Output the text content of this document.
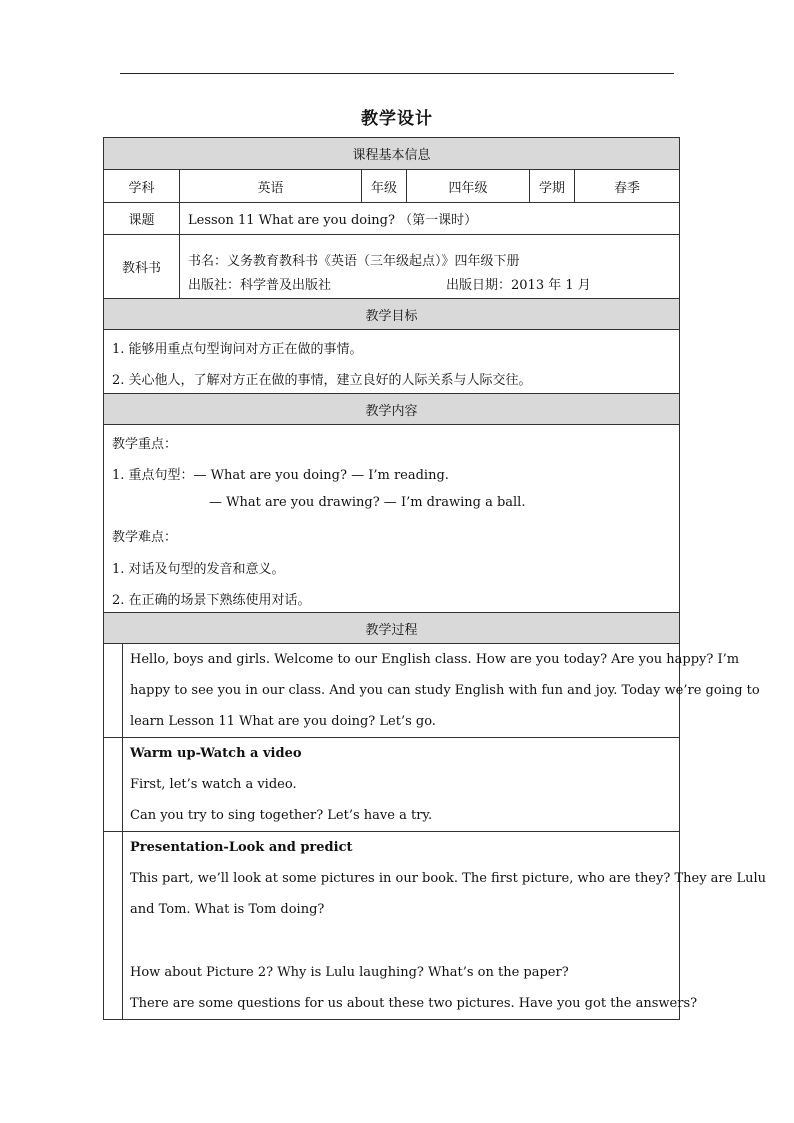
教学设计
课程基本信息
学科	英语	年级	四年级	学期	春季
课题	Lesson 11 What are you doing? （第一课时）
教科书	书名：义务教育教科书《英语（三年级起点）》四年级下册
出版社：科学普及出版社	出版日期：2013 年 1 月
教学目标
1. 能够用重点句型询问对方正在做的事情。
2. 关心他人，了解对方正在做的事情，建立良好的人际关系与人际交往。
教学内容
教学重点：
1. 重点句型：— What are you doing? — I’m reading.
— What are you drawing? — I’m drawing a ball.
教学难点：
1. 对话及句型的发音和意义。
2. 在正确的场景下熟练使用对话。
教学过程
Hello, boys and girls. Welcome to our English class. How are you today? Are you happy? I’m
happy to see you in our class. And you can study English with fun and joy. Today we’re going to
learn Lesson 11 What are you doing? Let’s go.
Warm up-Watch a video
First, let’s watch a video.
Can you try to sing together? Let’s have a try.
Presentation-Look and predict
This part, we’ll look at some pictures in our book. The first picture, who are they? They are Lulu
and Tom. What is Tom doing?
How about Picture 2? Why is Lulu laughing? What’s on the paper?
There are some questions for us about these two pictures. Have you got the answers?
